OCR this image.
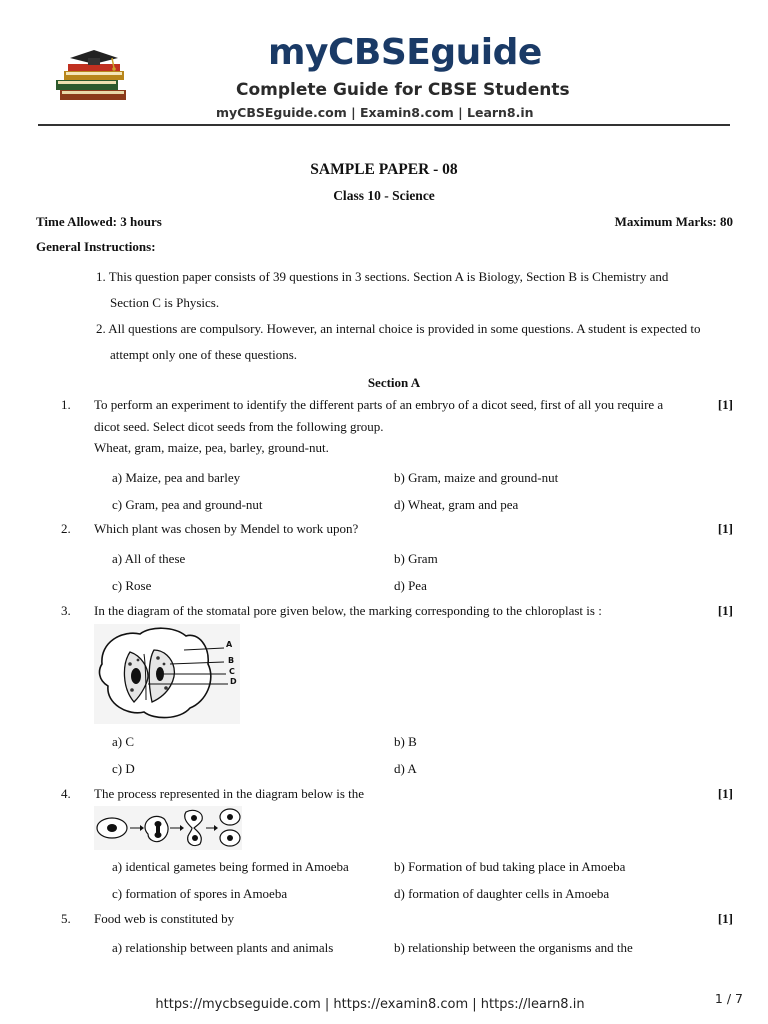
myCBSEguide
Complete Guide for CBSE Students
myCBSEguide.com | Examin8.com | Learn8.in
SAMPLE PAPER - 08
Class 10 - Science
Time Allowed: 3 hours	Maximum Marks: 80
General Instructions:
1. This question paper consists of 39 questions in 3 sections. Section A is Biology, Section B is Chemistry and
Section C is Physics.
2. All questions are compulsory. However, an internal choice is provided in some questions. A student is expected to
attempt only one of these questions.
Section A
1. To perform an experiment to identify the different parts of an embryo of a dicot seed, first of all you require a	[1]
dicot seed. Select dicot seeds from the following group.
Wheat, gram, maize, pea, barley, ground-nut.
a) Maize, pea and barley	b) Gram, maize and ground-nut
c) Gram, pea and ground-nut	d) Wheat, gram and pea
2. Which plant was chosen by Mendel to work upon?	[1]
a) All of these	b) Gram
c) Rose	d) Pea
3. In the diagram of the stomatal pore given below, the marking corresponding to the chloroplast is :	[1]
A
B
C
D
a) C	b) B
c) D	d) A
4. The process represented in the diagram below is the	[1]
a) identical gametes being formed in Amoeba	b) Formation of bud taking place in Amoeba
c) formation of spores in Amoeba	d) formation of daughter cells in Amoeba
5. Food web is constituted by	[1]
a) relationship between plants and animals	b) relationship between the organisms and the
https://mycbseguide.com | https://examin8.com | https://learn8.in	1 / 7
